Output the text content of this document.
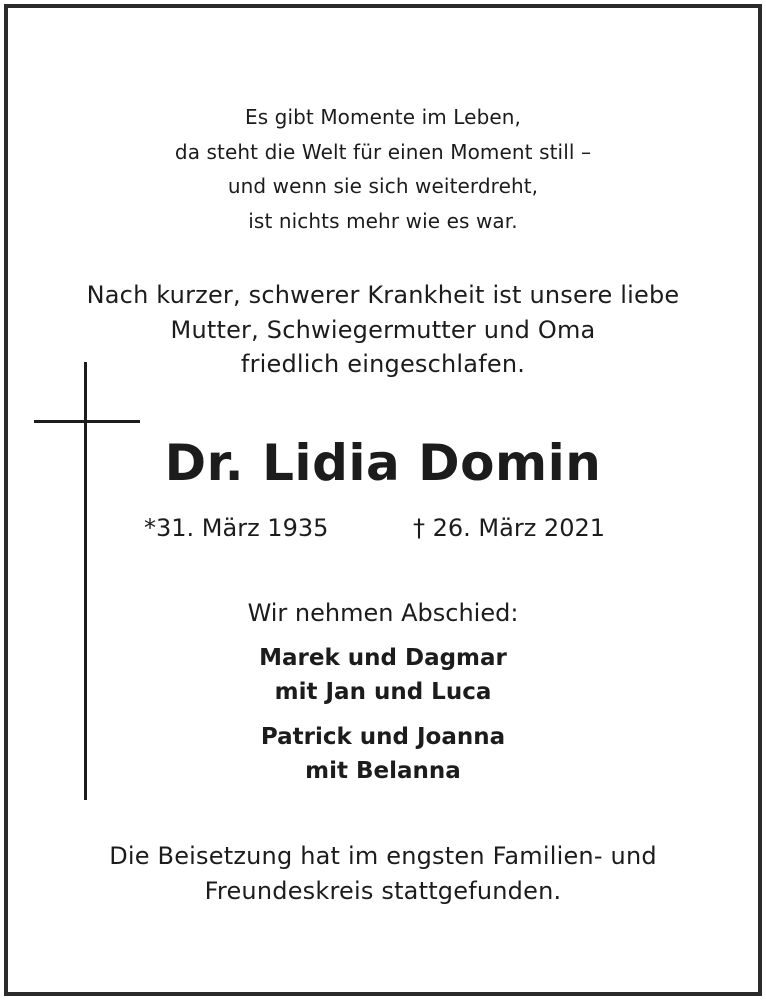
Es gibt Momente im Leben,
da steht die Welt für einen Moment still –
und wenn sie sich weiterdreht,
ist nichts mehr wie es war.
Nach kurzer, schwerer Krankheit ist unsere liebe
Mutter, Schwiegermutter und Oma
friedlich eingeschlafen.
Dr. Lidia Domin
*31. März 1935	† 26. März 2021
Wir nehmen Abschied:
Marek und Dagmar
mit Jan und Luca
Patrick und Joanna
mit Belanna
Die Beisetzung hat im engsten Familien- und
Freundeskreis stattgefunden.
